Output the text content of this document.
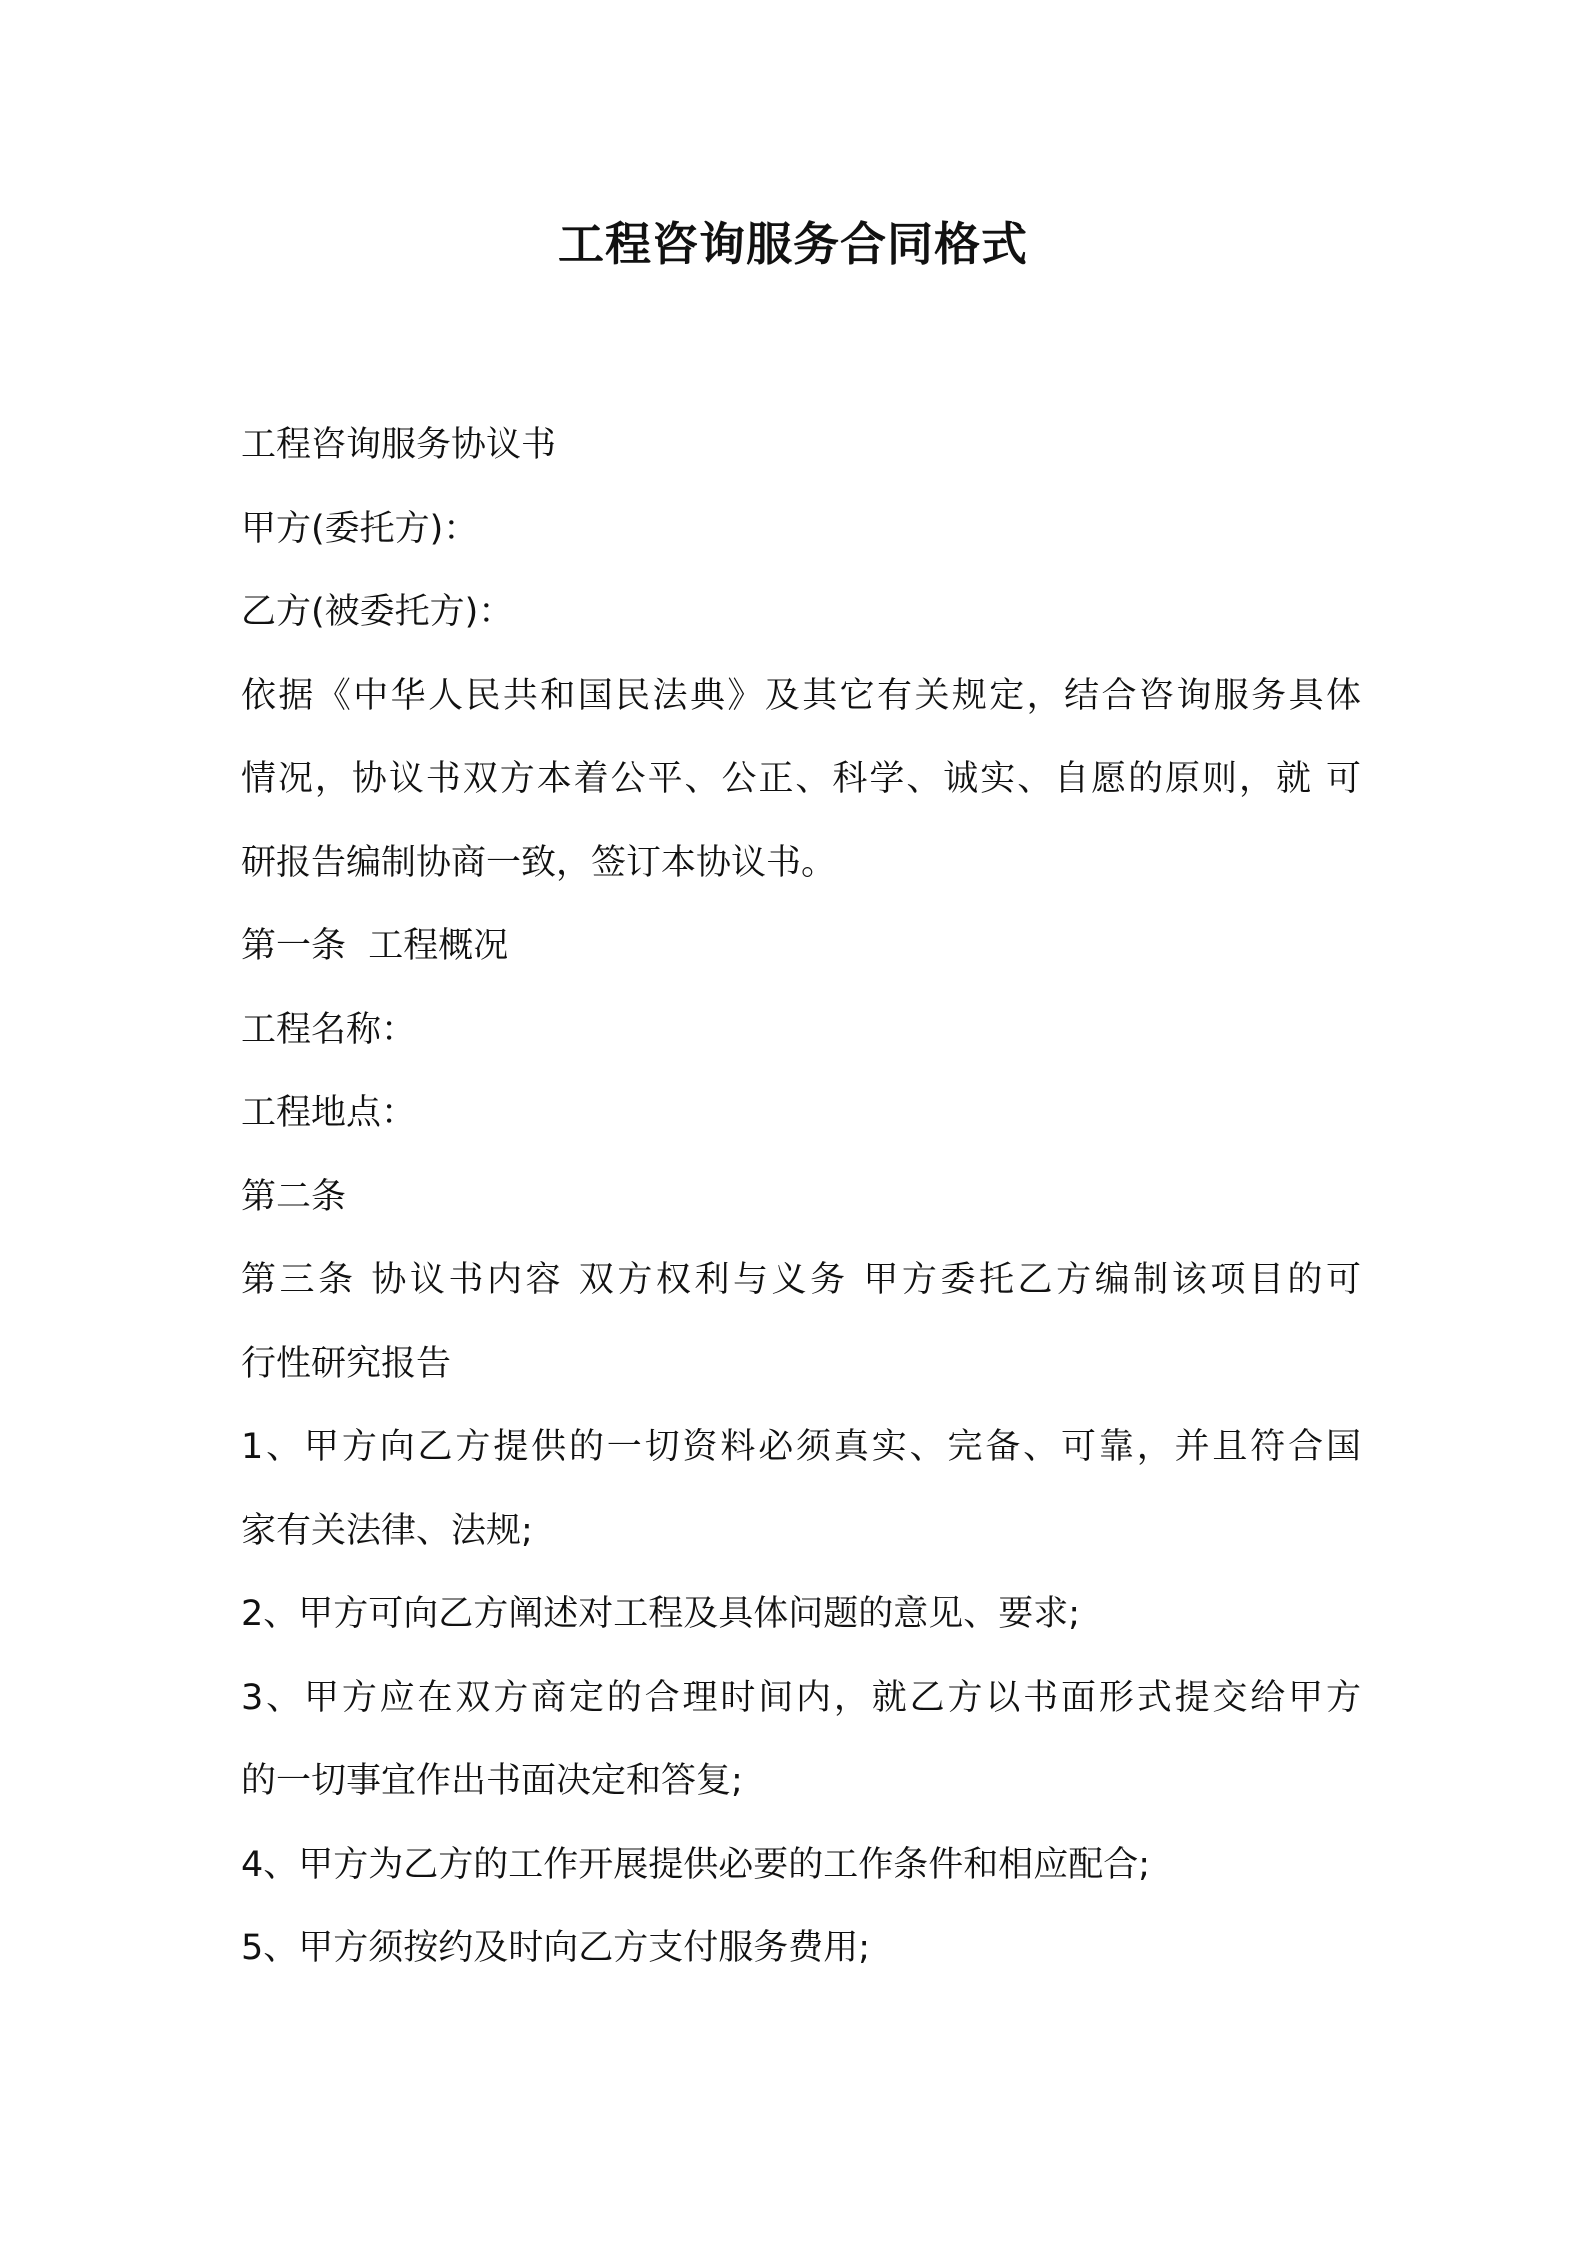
工程咨询服务合同格式
工程咨询服务协议书
甲方(委托方)：
乙方(被委托方)：
依据《中华人民共和国民法典》及其它有关规定，结合咨询服务具体
情况，协议书双方本着公平、公正、科学、诚实、自愿的原则，就 可
研报告编制协商一致，签订本协议书。
第一条  工程概况
工程名称：
工程地点：
第二条
第三条 协议书内容 双方权利与义务 甲方委托乙方编制该项目的可
行性研究报告
1、甲方向乙方提供的一切资料必须真实、完备、可靠，并且符合国
家有关法律、法规;
2、甲方可向乙方阐述对工程及具体问题的意见、要求;
3、甲方应在双方商定的合理时间内，就乙方以书面形式提交给甲方
的一切事宜作出书面决定和答复;
4、甲方为乙方的工作开展提供必要的工作条件和相应配合;
5、甲方须按约及时向乙方支付服务费用;
